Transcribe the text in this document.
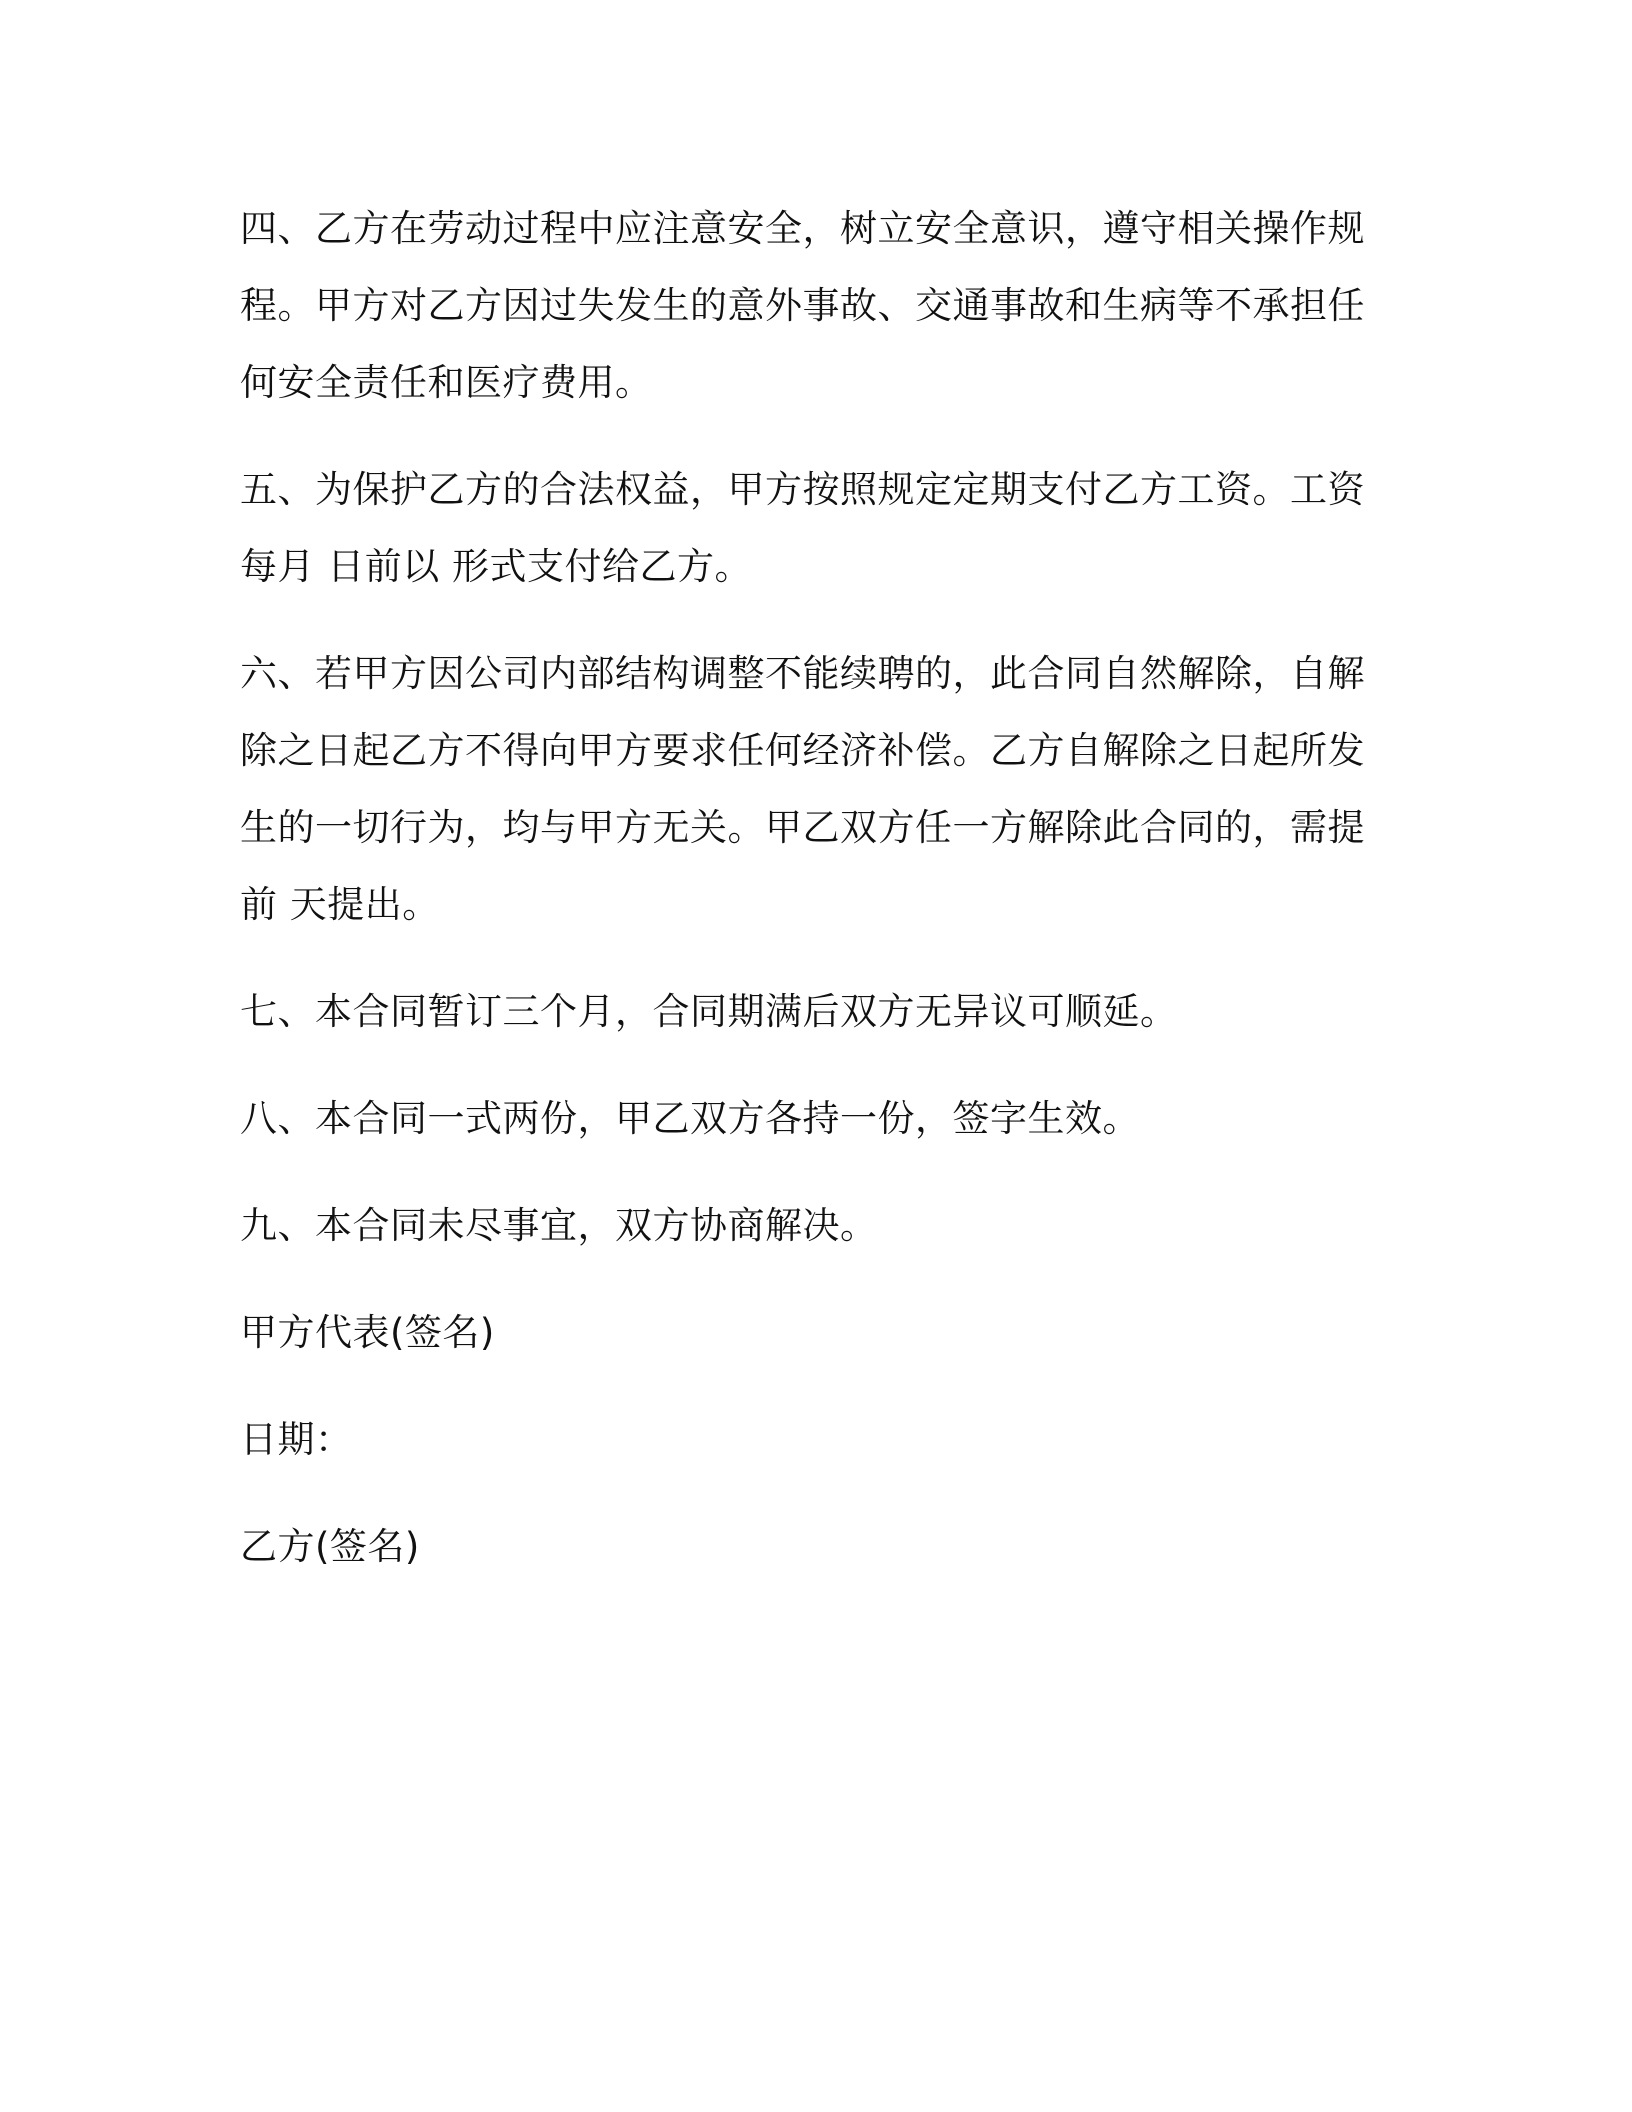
四、乙方在劳动过程中应注意安全，树立安全意识，遵守相关操作规
程。甲方对乙方因过失发生的意外事故、交通事故和生病等不承担任
何安全责任和医疗费用。

五、为保护乙方的合法权益，甲方按照规定定期支付乙方工资。工资
每月 日前以 形式支付给乙方。

六、若甲方因公司内部结构调整不能续聘的，此合同自然解除，自解
除之日起乙方不得向甲方要求任何经济补偿。乙方自解除之日起所发
生的一切行为，均与甲方无关。甲乙双方任一方解除此合同的，需提
前 天提出。

七、本合同暂订三个月，合同期满后双方无异议可顺延。

八、本合同一式两份，甲乙双方各持一份，签字生效。

九、本合同未尽事宜，双方协商解决。

甲方代表(签名)

日期：

乙方(签名)
